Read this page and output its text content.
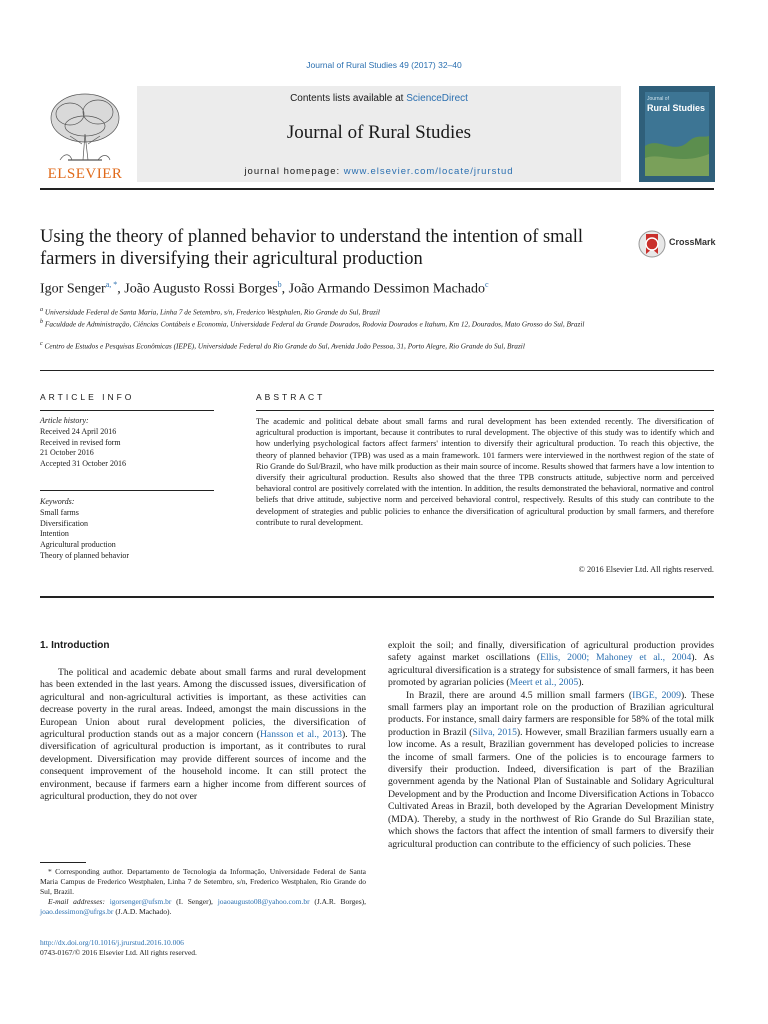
Journal of Rural Studies 49 (2017) 32–40
ELSEVIER
Contents lists available at ScienceDirect
Journal of Rural Studies
journal homepage: www.elsevier.com/locate/jrurstud
Journal of
Rural Studies
Using the theory of planned behavior to understand the intention of small farmers in diversifying their agricultural production
CrossMark
Igor Senger$^{a, *}$, João Augusto Rossi Borges$^b$, João Armando Dessimon Machado$^c$
$^a$ Universidade Federal de Santa Maria, Linha 7 de Setembro, s/n, Frederico Westphalen, Rio Grande do Sul, Brazil
$^b$ Faculdade de Administração, Ciências Contábeis e Economia, Universidade Federal da Grande Dourados, Rodovia Dourados e Itahum, Km 12, Dourados, Mato Grosso do Sul, Brazil
$^c$ Centro de Estudos e Pesquisas Econômicas (IEPE), Universidade Federal do Rio Grande do Sul, Avenida João Pessoa, 31, Porto Alegre, Rio Grande do Sul, Brazil
ARTICLE INFO	ABSTRACT
Article history:
Received 24 April 2016
Received in revised form
21 October 2016
Accepted 31 October 2016
Keywords:
Small farms
Diversification
Intention
Agricultural production
Theory of planned behavior
The academic and political debate about small farms and rural development has been extended recently. The diversification of agricultural production is important, because it contributes to rural development. The objective of this study was to identify which and how underlying psychological factors affect farmers' intention to diversify their agricultural production. To reach this objective, the theory of planned behavior (TPB) was used as a main framework. 101 farmers were interviewed in the northwest region of the state of Rio Grande do Sul/Brazil, who have milk production as their main source of income. Results showed that farmers have a low intention to diversify their agricultural production. Results also showed that the three TPB constructs attitude, subjective norm and perceived behavioral control are positively correlated with the intention. In addition, the results demonstrated the behavioral, normative and control beliefs that drive attitude, subjective norm and perceived behavioral control, respectively. Results of this study can contribute to the development of strategies and public policies to enhance the diversification of agricultural production by small farmers, and therefore contribute to rural development.
© 2016 Elsevier Ltd. All rights reserved.
1. Introduction

The political and academic debate about small farms and rural development has been extended in the last years. Among the discussed issues, diversification of agricultural and non-agricultural activities is important, as these activities can decrease poverty in the rural areas. Indeed, amongst the main discussions in the European Union about rural development policies, the diversification of agricultural production stands out as a major concern (Hansson et al., 2013). The diversification of agricultural production is important, as it contributes to rural development. Diversification may provide different sources of income and the consequent improvement of the household income. It can still protect the environment, because if farmers earn a higher income from different sources of agricultural production, they do not over

exploit the soil; and finally, diversification of agricultural production provides safety against market oscillations (Ellis, 2000; Mahoney et al., 2004). As agricultural diversification is a strategy for subsistence of small farmers, it has been promoted by agrarian policies (Meert et al., 2005).

In Brazil, there are around 4.5 million small farmers (IBGE, 2009). These small farmers play an important role on the production of Brazilian agricultural products. For instance, small dairy farmers are responsible for 58% of the total milk production in Brazil (Silva, 2015). However, small Brazilian farmers usually earn a low income. As a result, Brazilian government has developed policies to increase the income of small farmers. One of the policies is to encourage farmers to diversify their production. Indeed, diversification is part of the Brazilian government agenda by the National Plan of Sustainable and Solidary Agricultural Development and by the Production and Income Diversification Actions in Tobacco Cultivated Areas in Brazil, both developed by the Agrarian Development Ministry (MDA). Thereby, a study in the northwest of Rio Grande do Sul Brazilian state, which shows the factors that affect the intention of small farmers to diversify their agricultural production can contribute to the efficiency of such policies. These

* Corresponding author. Departamento de Tecnologia da Informação, Universidade Federal de Santa Maria Campus de Frederico Westphalen, Linha 7 de Setembro, s/n, Frederico Westphalen, Rio Grande do Sul, Brazil.
E-mail addresses: igorsenger@ufsm.br (I. Senger), joaoaugusto08@yahoo.com.br (J.A.R. Borges), joao.dessimon@ufrgs.br (J.A.D. Machado).
http://dx.doi.org/10.1016/j.jrurstud.2016.10.006
0743-0167/© 2016 Elsevier Ltd. All rights reserved.
